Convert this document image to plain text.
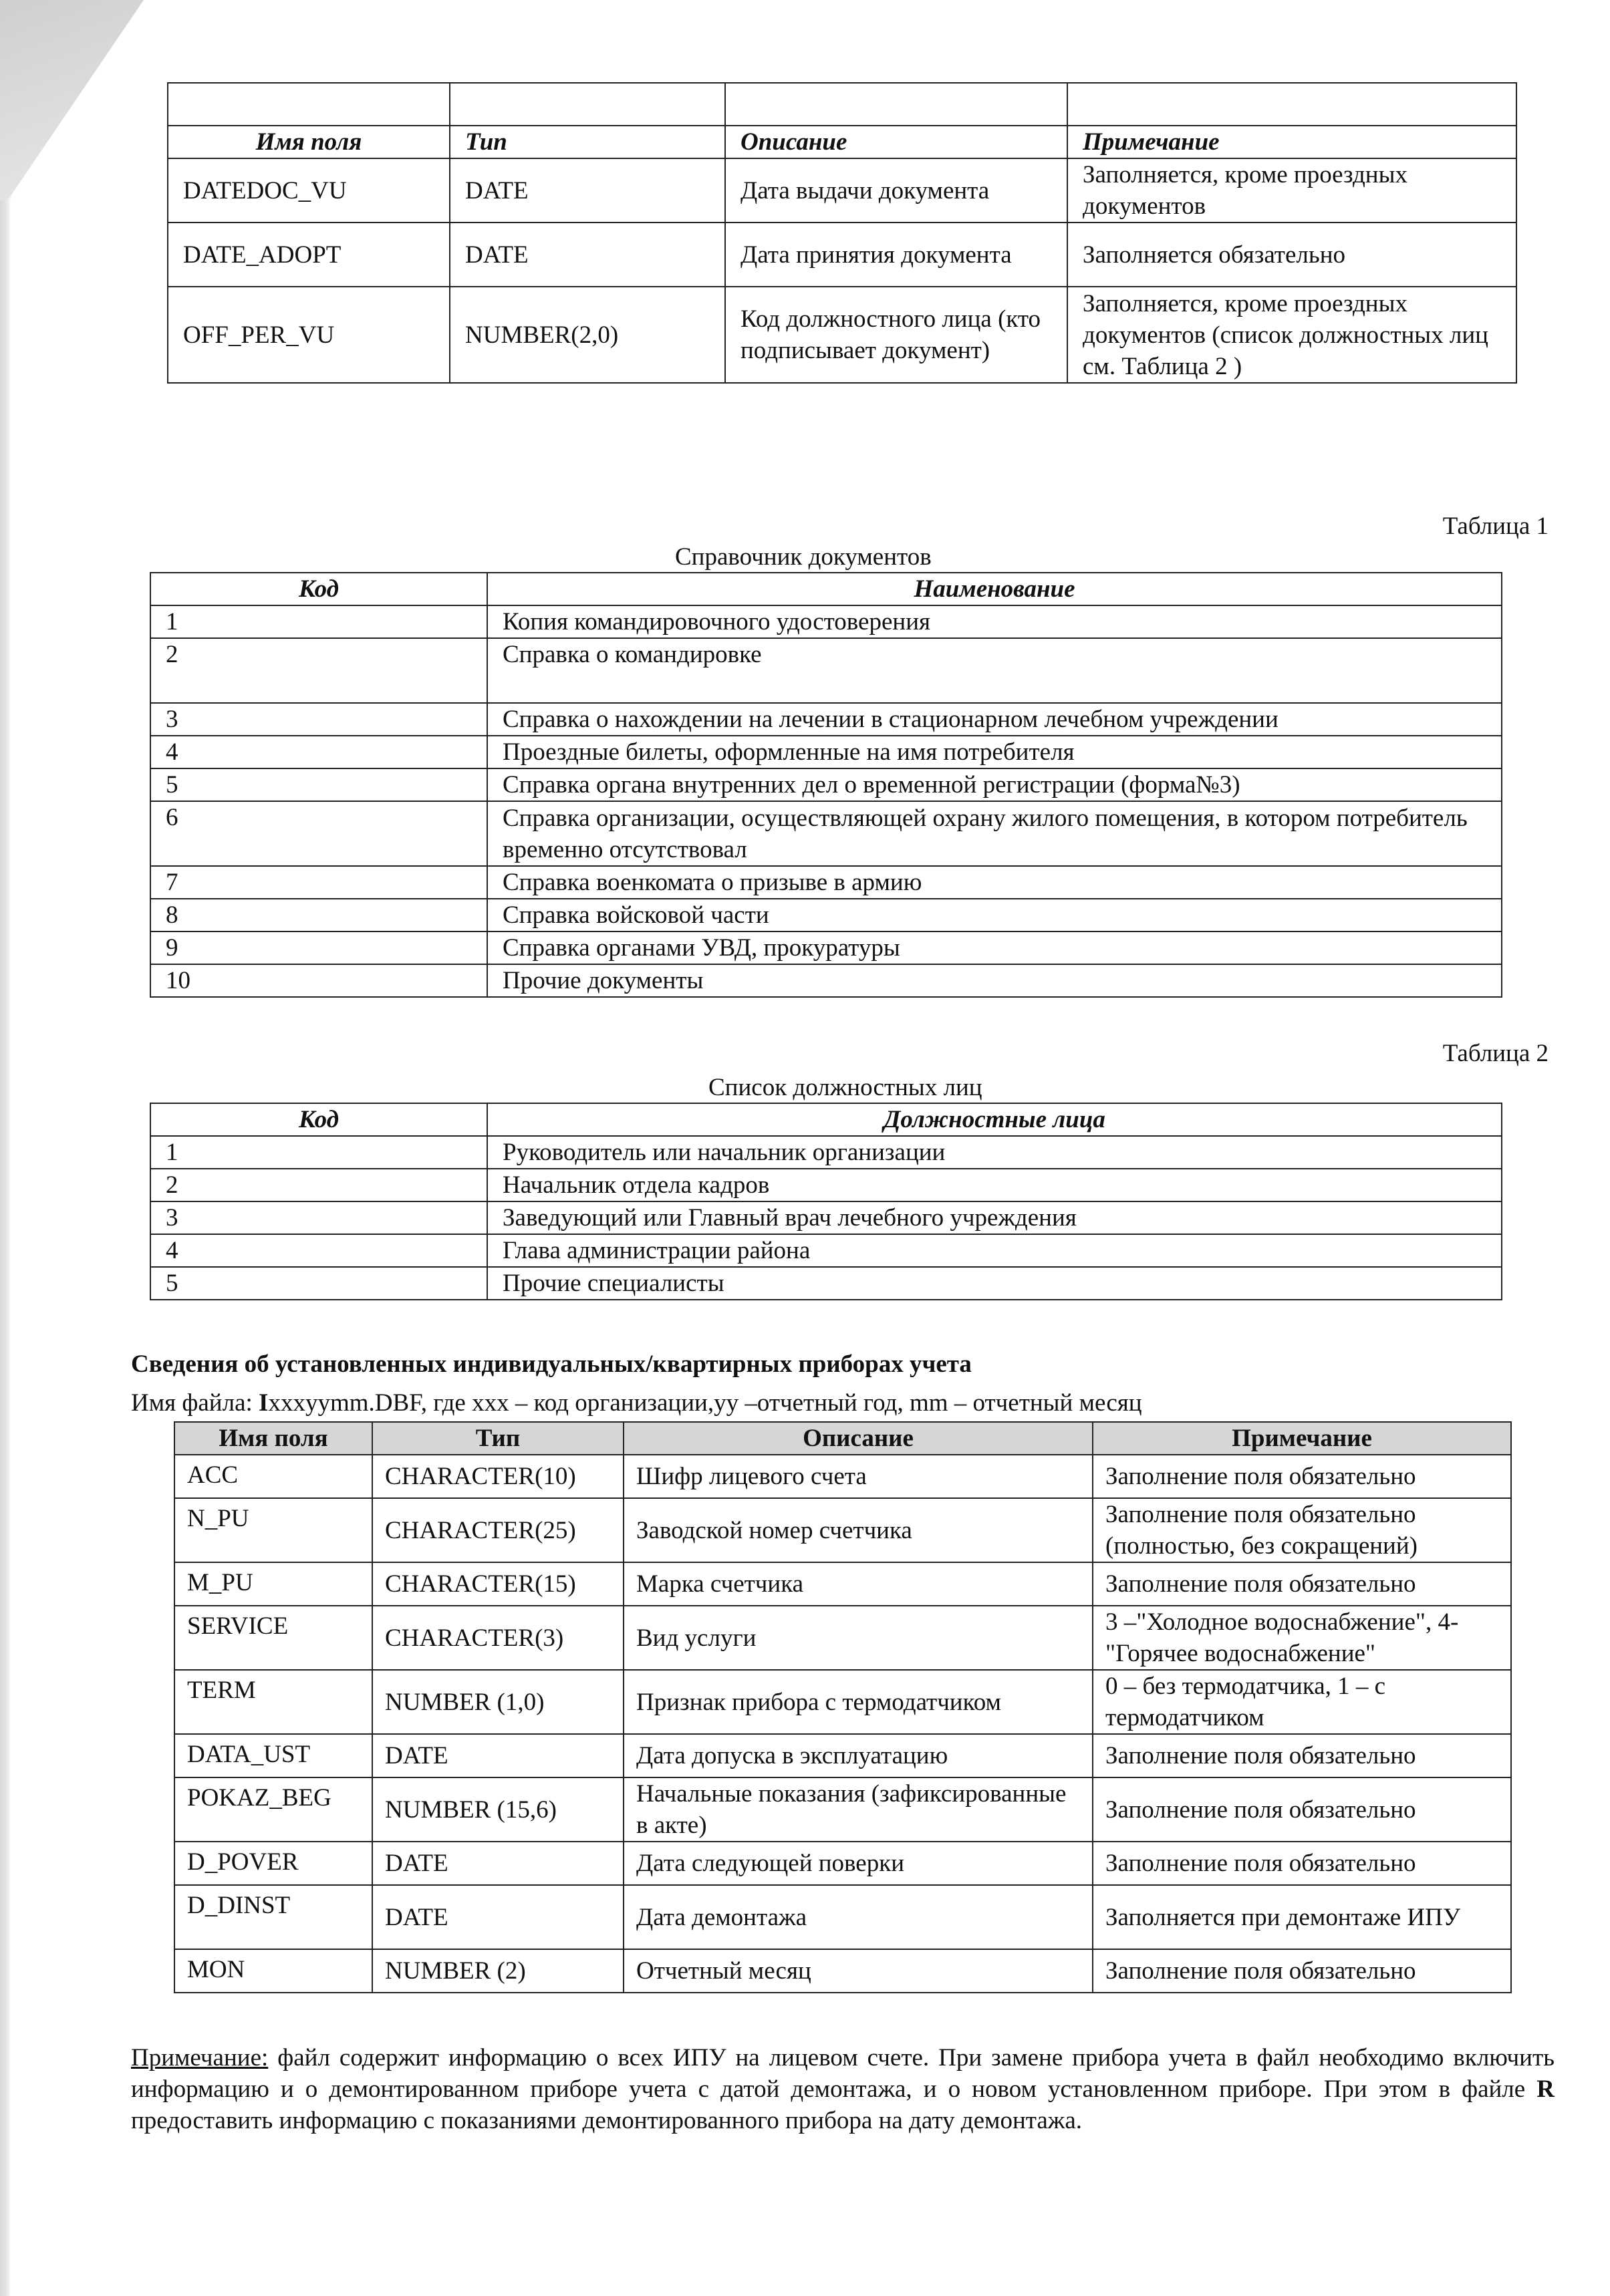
Имя поля	Тип	Описание	Примечание
DATEDOC_VU	DATE	Дата выдачи документа	Заполняется, кроме проездных документов
DATE_ADOPT	DATE	Дата принятия документа	Заполняется обязательно
OFF_PER_VU	NUMBER(2,0)	Код должностного лица (кто подписывает документ)	Заполняется, кроме проездных документов (список должностных лиц см. Таблица 2 )
Таблица 1
Справочник документов
Код	Наименование
1	Копия командировочного удостоверения
2	Справка о командировке
3	Справка о нахождении на лечении в стационарном лечебном учреждении
4	Проездные билеты, оформленные на имя потребителя
5	Справка органа внутренних дел о временной регистрации (форма№3)
6	Справка организации, осуществляющей охрану жилого помещения, в котором потребитель временно отсутствовал
7	Справка военкомата о призыве в армию
8	Справка войсковой части
9	Справка органами УВД, прокуратуры
10	Прочие документы
Таблица 2
Список должностных лиц
Код	Должностные лица
1	Руководитель или начальник организации
2	Начальник отдела кадров
3	Заведующий или Главный врач лечебного учреждения
4	Глава администрации района
5	Прочие специалисты
Сведения об установленных индивидуальных/квартирных приборах учета
Имя файла: Ixxxyymm.DBF, где xxx – код организации,yy –отчетный год, mm – отчетный месяц
Имя поля	Тип	Описание	Примечание
ACC	CHARACTER(10)	Шифр лицевого счета	Заполнение поля обязательно
N_PU	CHARACTER(25)	Заводской номер счетчика	Заполнение поля обязательно (полностью, без сокращений)
M_PU	CHARACTER(15)	Марка счетчика	Заполнение поля обязательно
SERVICE	CHARACTER(3)	Вид услуги	3 –"Холодное водоснабжение", 4- "Горячее водоснабжение"
TERM	NUMBER (1,0)	Признак прибора с термодатчиком	0 – без термодатчика, 1 – с термодатчиком
DATA_UST	DATE	Дата допуска в эксплуатацию	Заполнение поля обязательно
POKAZ_BEG	NUMBER (15,6)	Начальные показания (зафиксированные в акте)	Заполнение поля обязательно
D_POVER	DATE	Дата следующей поверки	Заполнение поля обязательно
D_DINST	DATE	Дата демонтажа	Заполняется при демонтаже ИПУ
MON	NUMBER (2)	Отчетный месяц	Заполнение поля обязательно
Примечание: файл содержит информацию о всех ИПУ на лицевом счете. При замене прибора учета в файл необходимо включить информацию и о демонтированном приборе учета с датой демонтажа, и о новом установленном приборе. При этом в файле R предоставить информацию с показаниями демонтированного прибора на дату демонтажа.
